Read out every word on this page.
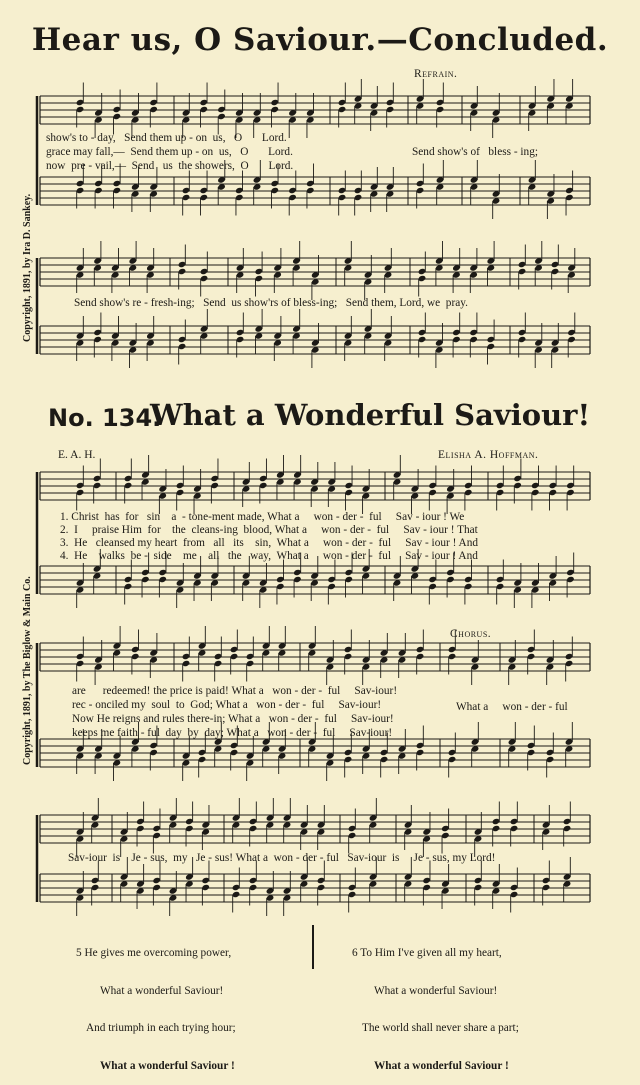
Hear us, O Saviour.—Concluded.
Refrain.
Copyright, 1891, by Ira D. Sankey.
show's to - day,   Send them up - on  us,   O       Lord.
grace may fall,—  Send them up - on  us,   O       Lord.
now  pre - vail,—  Send   us  the showers,  O       Lord.
Send show's of   bless - ing;
Send show's re - fresh-ing;   Send  us show'rs of bless-ing;   Send them, Lord, we  pray.
No. 134.
What a Wonderful Saviour!
E. A. H.	Elisha A. Hoffman.
Copyright, 1891, by The Biglow & Main Co.
1. Christ  has  for   sin    a  - tone-ment made, What a     won - der -  ful     Sav - iour ! We
2.  I     praise Him  for    the  cleans-ing  blood, What a     won - der -  ful     Sav - iour ! That
3.  He   cleansed my heart  from   all   its    sin,  What a     won - der -  ful     Sav - iour ! And
4.  He    walks  be -  side    me    all   the   way,  What a     won - der -  ful     Sav - iour ! And
Chorus.
are      redeemed! the price is paid! What a   won - der -  ful     Sav-iour!
rec - onciled my  soul  to  God; What a   won - der -  ful     Sav-iour!
Now He reigns and rules there-in; What a   won - der -  ful     Sav-iour!
keeps me faith - ful  day  by  day; What a   won - der -  ful     Sav-iour!
What a     won - der - ful
Sav-iour  is    Je - sus,  my   Je - sus! What a  won - der - ful   Sav-iour  is     Je - sus, my Lord!

5 He gives me overcoming power,

What a wonderful Saviour!

And triumph in each trying hour;

What a wonderful Saviour !

6 To Him I've given all my heart,

What a wonderful Saviour!

The world shall never share a part;

What a wonderful Saviour !
